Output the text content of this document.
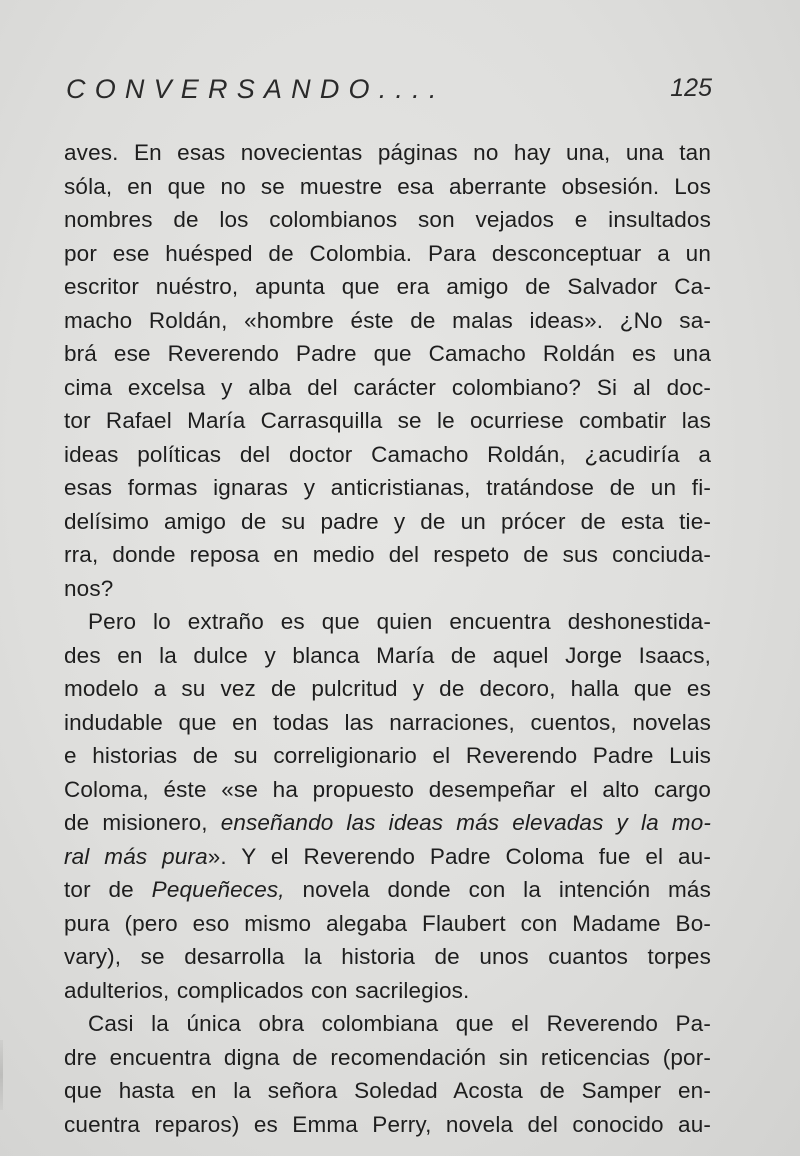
CONVERSANDO....	125
aves. En esas novecientas páginas no hay una, una tan
sóla, en que no se muestre esa aberrante obsesión. Los
nombres de los colombianos son vejados e insultados
por ese huésped de Colombia. Para desconceptuar a un
escritor nuéstro, apunta que era amigo de Salvador Ca-
macho Roldán, «hombre éste de malas ideas». ¿No sa-
brá ese Reverendo Padre que Camacho Roldán es una
cima excelsa y alba del carácter colombiano? Si al doc-
tor Rafael María Carrasquilla se le ocurriese combatir las
ideas políticas del doctor Camacho Roldán, ¿acudiría a
esas formas ignaras y anticristianas, tratándose de un fi-
delísimo amigo de su padre y de un prócer de esta tie-
rra, donde reposa en medio del respeto de sus conciuda-
nos?
Pero lo extraño es que quien encuentra deshonestida-
des en la dulce y blanca María de aquel Jorge Isaacs,
modelo a su vez de pulcritud y de decoro, halla que es
indudable que en todas las narraciones, cuentos, novelas
e historias de su correligionario el Reverendo Padre Luis
Coloma, éste «se ha propuesto desempeñar el alto cargo
de misionero, enseñando las ideas más elevadas y la mo-
ral más pura». Y el Reverendo Padre Coloma fue el au-
tor de Pequeñeces, novela donde con la intención más
pura (pero eso mismo alegaba Flaubert con Madame Bo-
vary), se desarrolla la historia de unos cuantos torpes
adulterios, complicados con sacrilegios.
Casi la única obra colombiana que el Reverendo Pa-
dre encuentra digna de recomendación sin reticencias (por-
que hasta en la señora Soledad Acosta de Samper en-
cuentra reparos) es Emma Perry, novela del conocido au-
